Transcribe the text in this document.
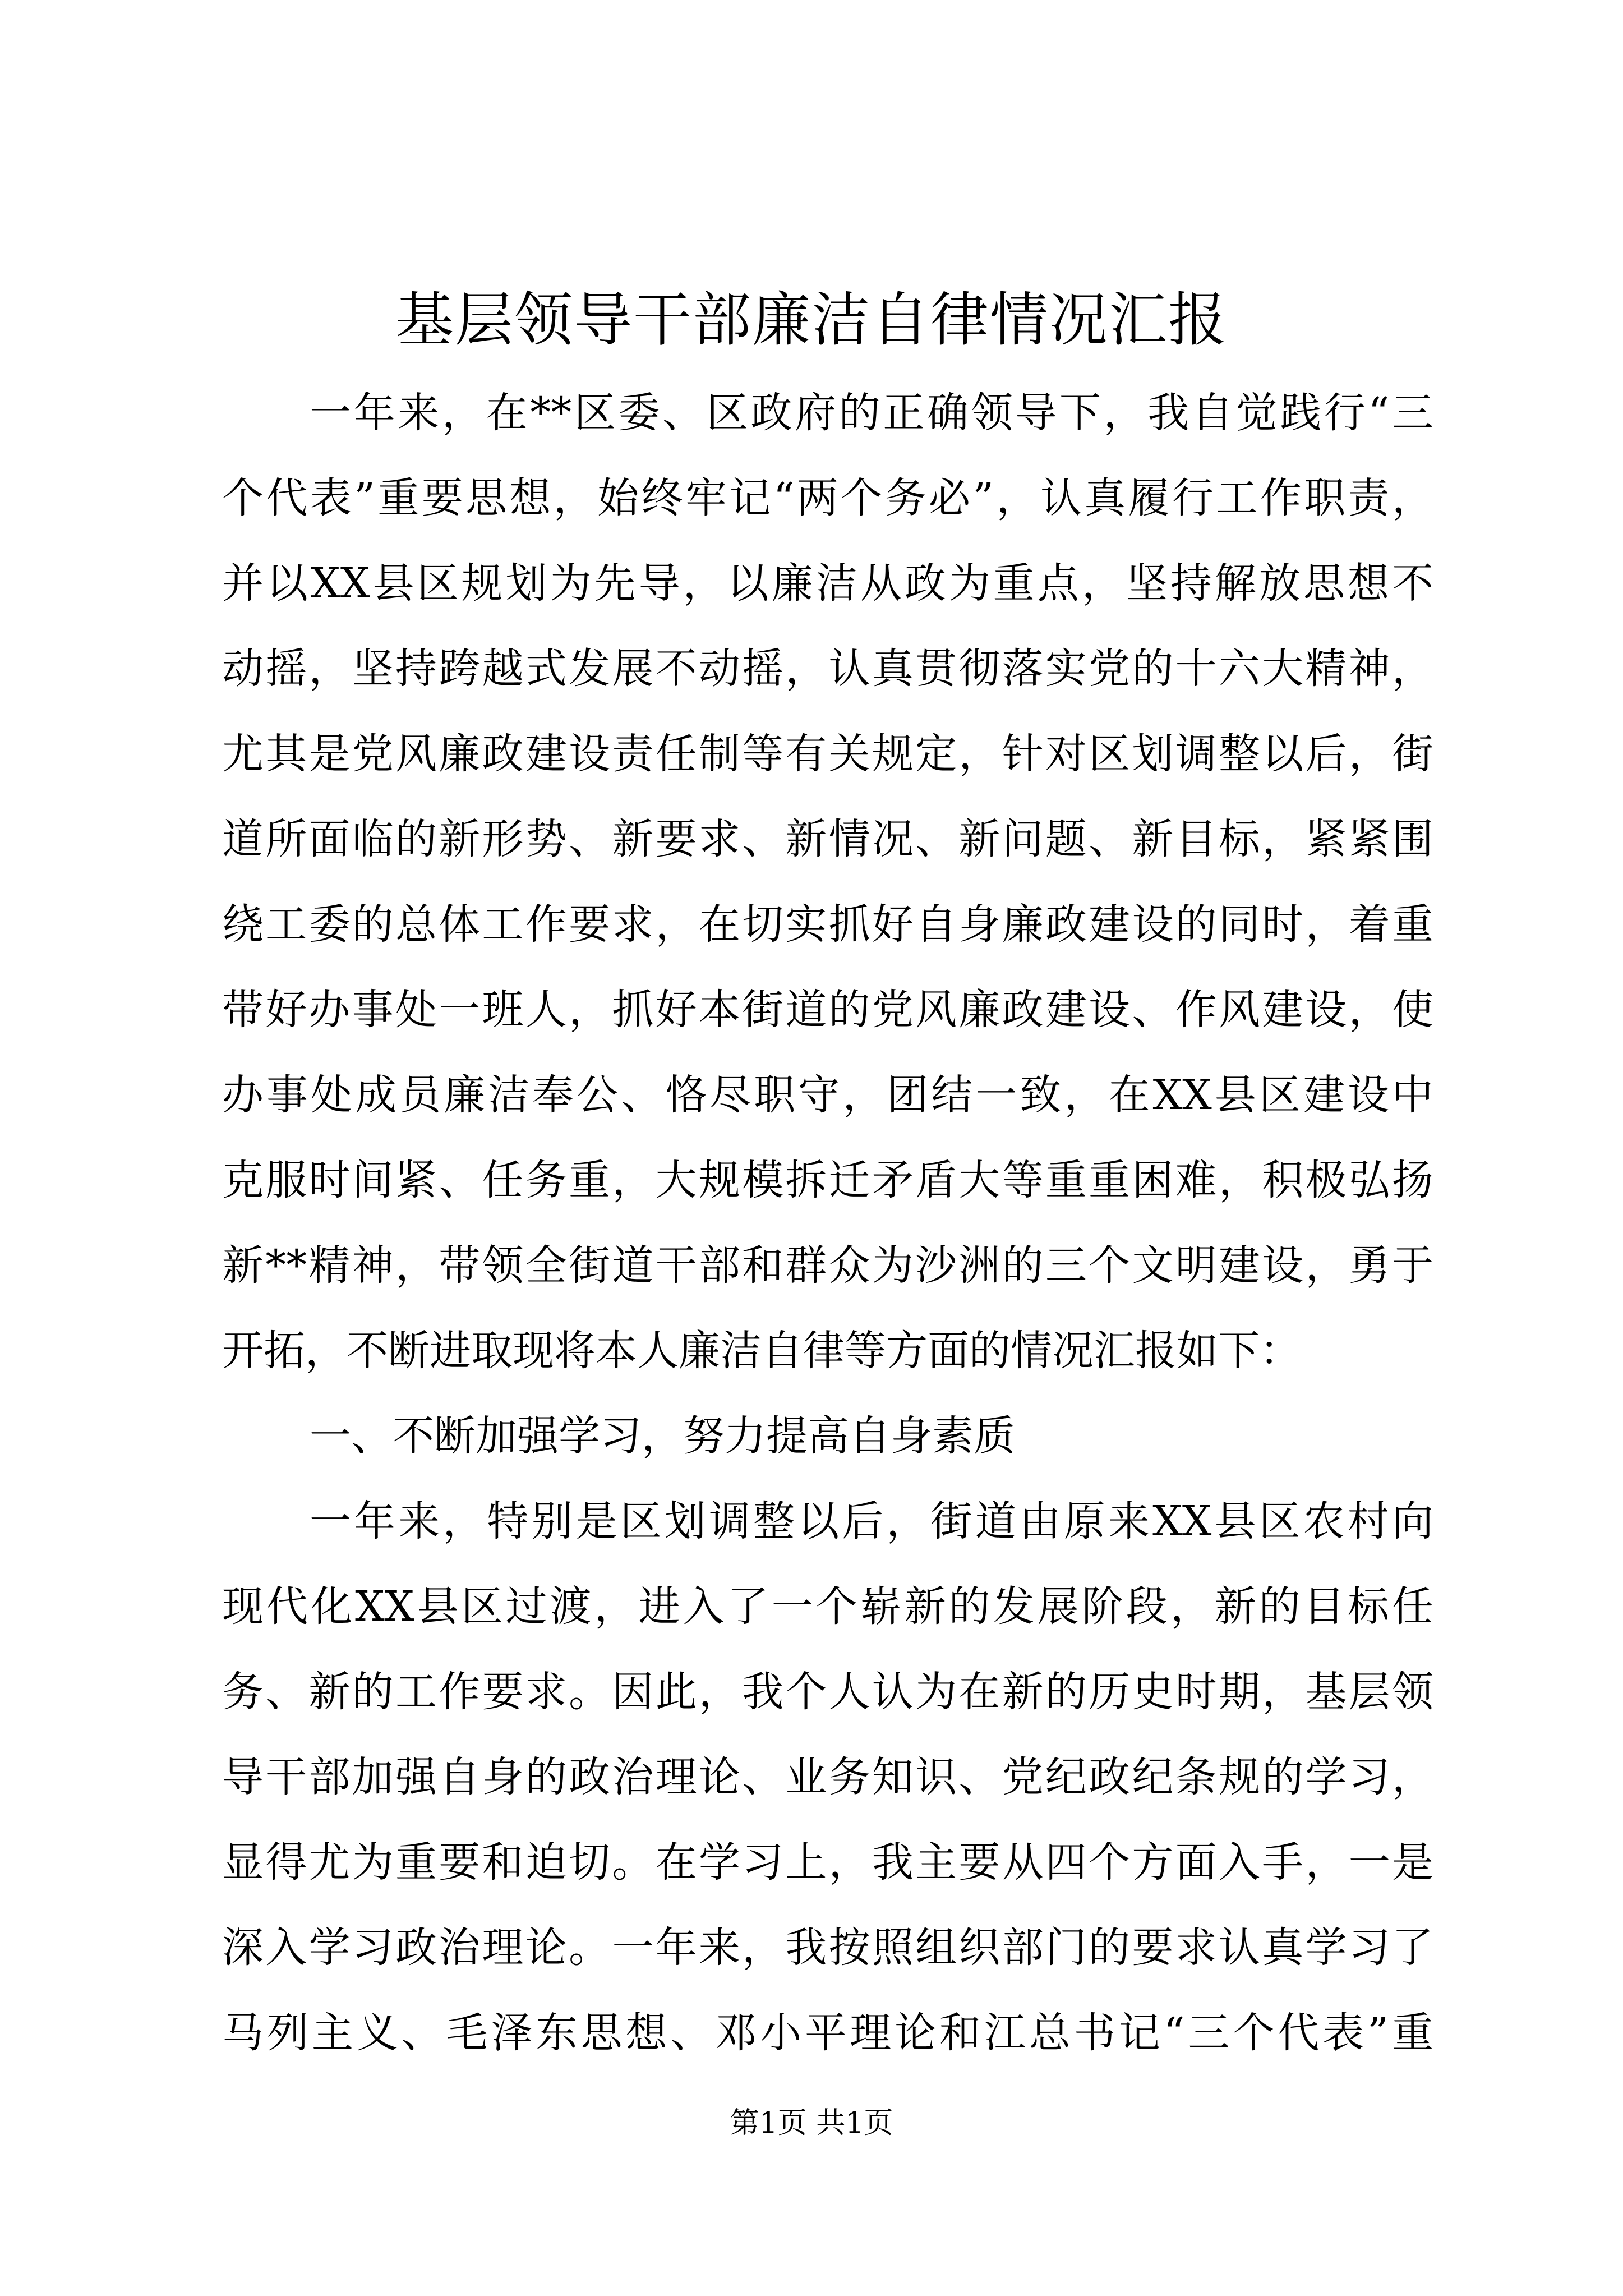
基层领导干部廉洁自律情况汇报
一年来，在**区委、区政府的正确领导下，我自觉践行“三
个代表”重要思想，始终牢记“两个务必”，认真履行工作职责，
并以XX县区规划为先导，以廉洁从政为重点，坚持解放思想不
动摇，坚持跨越式发展不动摇，认真贯彻落实党的十六大精神，
尤其是党风廉政建设责任制等有关规定，针对区划调整以后，街
道所面临的新形势、新要求、新情况、新问题、新目标，紧紧围
绕工委的总体工作要求，在切实抓好自身廉政建设的同时，着重
带好办事处一班人，抓好本街道的党风廉政建设、作风建设，使
办事处成员廉洁奉公、恪尽职守，团结一致，在XX县区建设中
克服时间紧、任务重，大规模拆迁矛盾大等重重困难，积极弘扬
新**精神，带领全街道干部和群众为沙洲的三个文明建设，勇于
开拓，不断进取现将本人廉洁自律等方面的情况汇报如下：
一、不断加强学习，努力提高自身素质
一年来，特别是区划调整以后，街道由原来XX县区农村向
现代化XX县区过渡，进入了一个崭新的发展阶段，新的目标任
务、新的工作要求。因此，我个人认为在新的历史时期，基层领
导干部加强自身的政治理论、业务知识、党纪政纪条规的学习，
显得尤为重要和迫切。在学习上，我主要从四个方面入手，一是
深入学习政治理论。一年来，我按照组织部门的要求认真学习了
马列主义、毛泽东思想、邓小平理论和江总书记“三个代表”重
第1页 共1页
